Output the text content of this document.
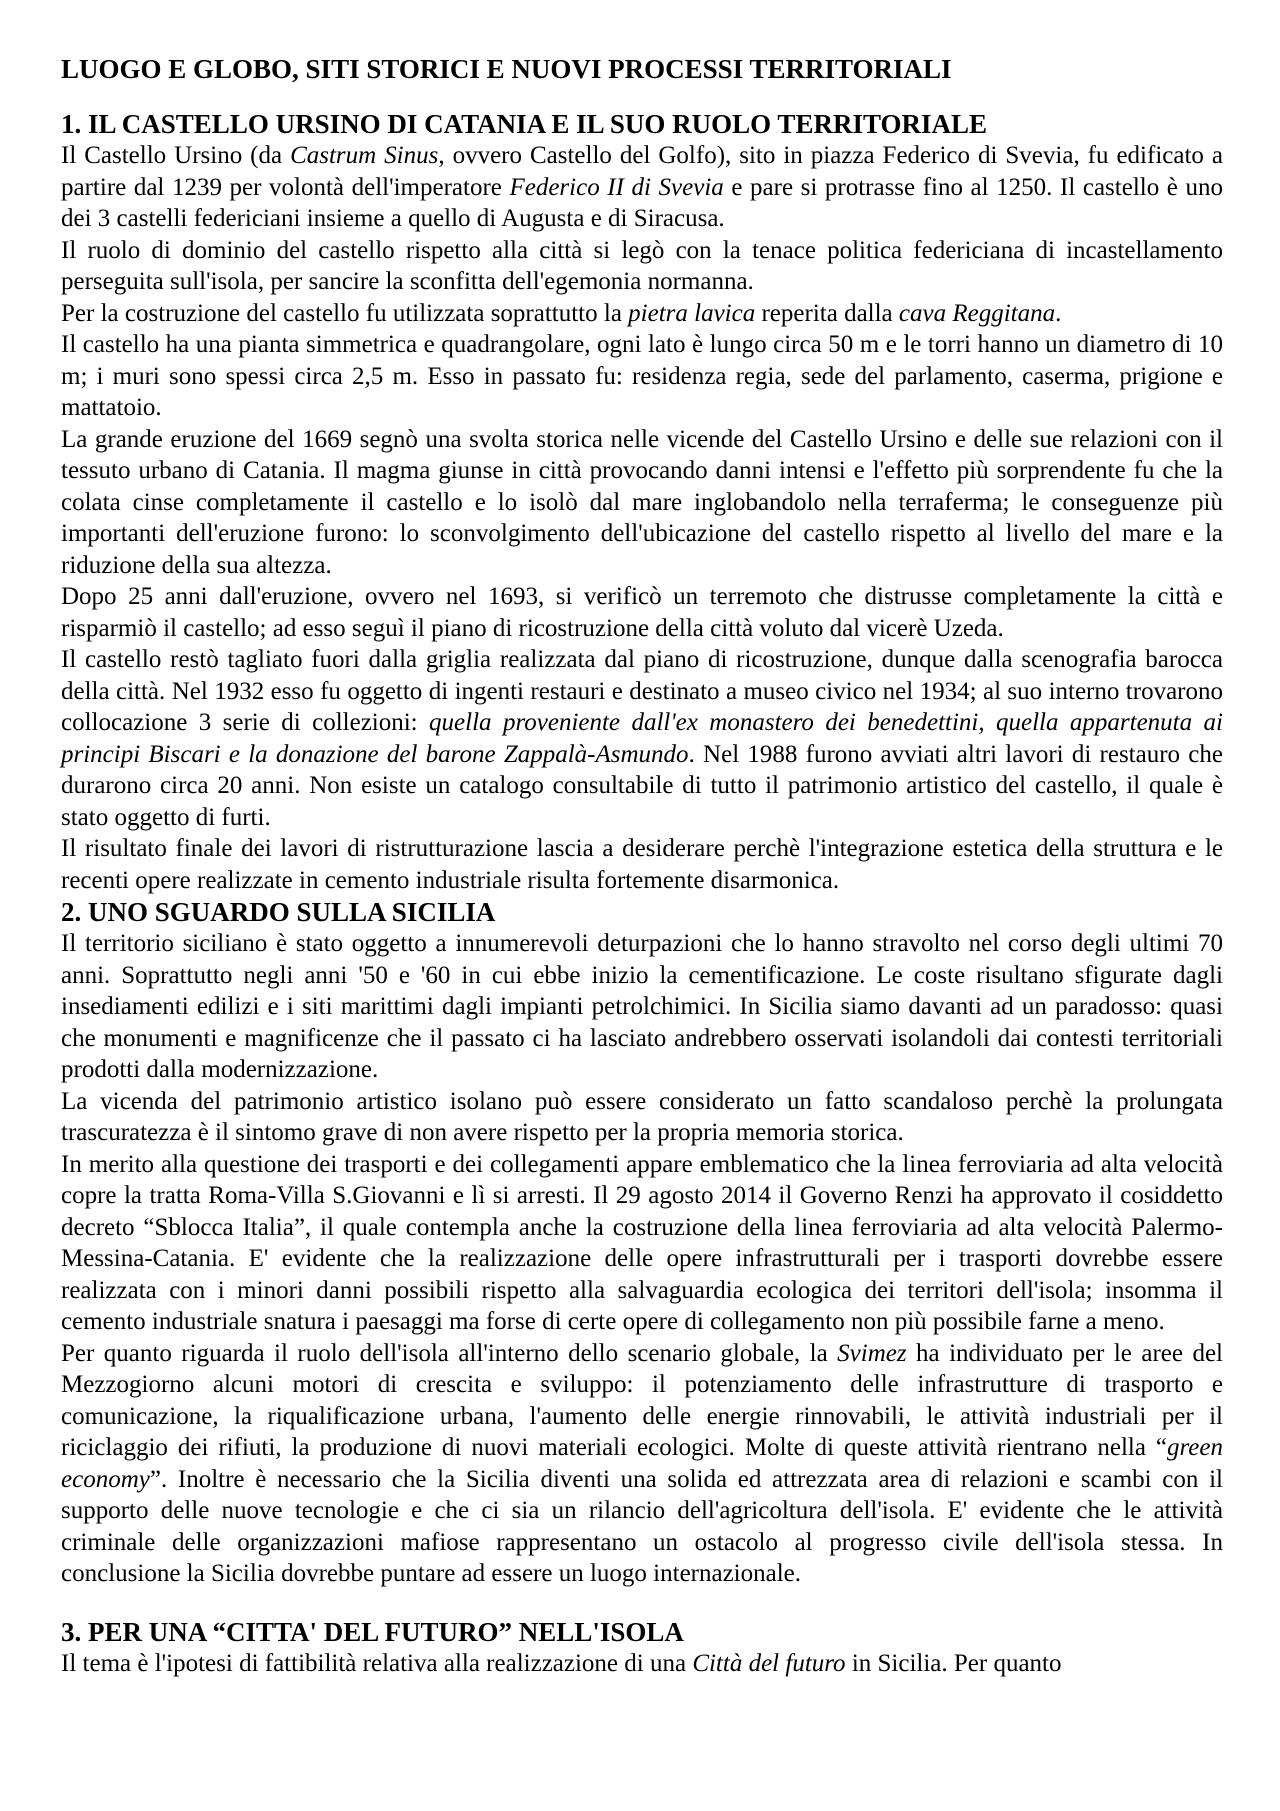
LUOGO E GLOBO, SITI STORICI E NUOVI PROCESSI TERRITORIALI
1. IL CASTELLO URSINO DI CATANIA E IL SUO RUOLO TERRITORIALE

Il Castello Ursino (da Castrum Sinus, ovvero Castello del Golfo), sito in piazza Federico di Svevia, fu edificato a partire dal 1239 per volontà dell'imperatore Federico II di Svevia e pare si protrasse fino al 1250. Il castello è uno dei 3 castelli federiciani insieme a quello di Augusta e di Siracusa.

Il ruolo di dominio del castello rispetto alla città si legò con la tenace politica federiciana di incastellamento perseguita sull'isola, per sancire la sconfitta dell'egemonia normanna.

Per la costruzione del castello fu utilizzata soprattutto la pietra lavica reperita dalla cava Reggitana.

Il castello ha una pianta simmetrica e quadrangolare, ogni lato è lungo circa 50 m e le torri hanno un diametro di 10 m; i muri sono spessi circa 2,5 m. Esso in passato fu: residenza regia, sede del parlamento, caserma, prigione e mattatoio.

La grande eruzione del 1669 segnò una svolta storica nelle vicende del Castello Ursino e delle sue relazioni con il tessuto urbano di Catania. Il magma giunse in città provocando danni intensi e l'effetto più sorprendente fu che la colata cinse completamente il castello e lo isolò dal mare inglobandolo nella terraferma; le conseguenze più importanti dell'eruzione furono: lo sconvolgimento dell'ubicazione del castello rispetto al livello del mare e la riduzione della sua altezza.

Dopo 25 anni dall'eruzione, ovvero nel 1693, si verificò un terremoto che distrusse completamente la città e risparmiò il castello; ad esso seguì il piano di ricostruzione della città voluto dal vicerè Uzeda.

Il castello restò tagliato fuori dalla griglia realizzata dal piano di ricostruzione, dunque dalla scenografia barocca della città. Nel 1932 esso fu oggetto di ingenti restauri e destinato a museo civico nel 1934; al suo interno trovarono collocazione 3 serie di collezioni: quella proveniente dall'ex monastero dei benedettini, quella appartenuta ai principi Biscari e la donazione del barone Zappalà-Asmundo. Nel 1988 furono avviati altri lavori di restauro che durarono circa 20 anni. Non esiste un catalogo consultabile di tutto il patrimonio artistico del castello, il quale è stato oggetto di furti.

Il risultato finale dei lavori di ristrutturazione lascia a desiderare perchè l'integrazione estetica della struttura e le recenti opere realizzate in cemento industriale risulta fortemente disarmonica.

2. UNO SGUARDO SULLA SICILIA

Il territorio siciliano è stato oggetto a innumerevoli deturpazioni che lo hanno stravolto nel corso degli ultimi 70 anni. Soprattutto negli anni '50 e '60 in cui ebbe inizio la cementificazione. Le coste risultano sfigurate dagli insediamenti edilizi e i siti marittimi dagli impianti petrolchimici. In Sicilia siamo davanti ad un paradosso: quasi che monumenti e magnificenze che il passato ci ha lasciato andrebbero osservati isolandoli dai contesti territoriali prodotti dalla modernizzazione.

La vicenda del patrimonio artistico isolano può essere considerato un fatto scandaloso perchè la prolungata trascuratezza è il sintomo grave di non avere rispetto per la propria memoria storica.

In merito alla questione dei trasporti e dei collegamenti appare emblematico che la linea ferroviaria ad alta velocità copre la tratta Roma-Villa S.Giovanni e lì si arresti. Il 29 agosto 2014 il Governo Renzi ha approvato il cosiddetto decreto “Sblocca Italia”, il quale contempla anche la costruzione della linea ferroviaria ad alta velocità Palermo-Messina-Catania. E' evidente che la realizzazione delle opere infrastrutturali per i trasporti dovrebbe essere realizzata con i minori danni possibili rispetto alla salvaguardia ecologica dei territori dell'isola; insomma il cemento industriale snatura i paesaggi ma forse di certe opere di collegamento non più possibile farne a meno.

Per quanto riguarda il ruolo dell'isola all'interno dello scenario globale, la Svimez ha individuato per le aree del Mezzogiorno alcuni motori di crescita e sviluppo: il potenziamento delle infrastrutture di trasporto e comunicazione, la riqualificazione urbana, l'aumento delle energie rinnovabili, le attività industriali per il riciclaggio dei rifiuti, la produzione di nuovi materiali ecologici. Molte di queste attività rientrano nella “green economy”. Inoltre è necessario che la Sicilia diventi una solida ed attrezzata area di relazioni e scambi con il supporto delle nuove tecnologie e che ci sia un rilancio dell'agricoltura dell'isola. E' evidente che le attività criminale delle organizzazioni mafiose rappresentano un ostacolo al progresso civile dell'isola stessa. In conclusione la Sicilia dovrebbe puntare ad essere un luogo internazionale.

3. PER UNA “CITTA' DEL FUTURO” NELL'ISOLA

Il tema è l'ipotesi di fattibilità relativa alla realizzazione di una Città del futuro in Sicilia. Per quanto
